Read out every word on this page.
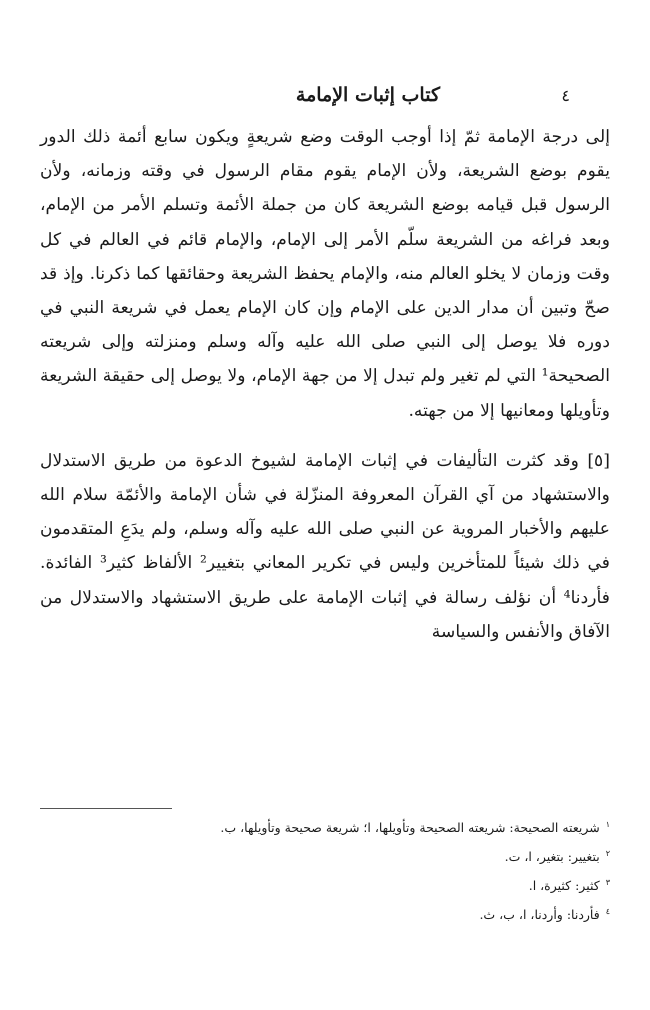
٤
كتاب إثبات الإمامة

إلى درجة الإمامة ثمّ إذا أوجب الوقت وضع شريعةٍ ويكون سابع أئمة ذلك الدور يقوم بوضع الشريعة، ولأن الإمام يقوم مقام الرسول في وقته وزمانه، ولأن الرسول قبل قيامه بوضع الشريعة كان من جملة الأئمة وتسلم الأمر من الإمام، وبعد فراغه من الشريعة سلّم الأمر إلى الإمام، والإمام قائم في العالم في كل وقت وزمان لا يخلو العالم منه، والإمام يحفظ الشريعة وحقائقها كما ذكرنا. وإذ قد صحّ وتبين أن مدار الدين على الإمام وإن كان الإمام يعمل في شريعة النبي في دوره فلا يوصل إلى النبي صلى الله عليه وآله وسلم ومنزلته وإلى شريعته الصحيحة¹ التي لم تغير ولم تبدل إلا من جهة الإمام، ولا يوصل إلى حقيقة الشريعة وتأويلها ومعانيها إلا من جهته.

[٥] وقد كثرت التأليفات في إثبات الإمامة لشيوخ الدعوة من طريق الاستدلال والاستشهاد من آي القرآن المعروفة المنزّلة في شأن الإمامة والأئمّة سلام الله عليهم والأخبار المروية عن النبي صلى الله عليه وآله وسلم، ولم يدَعِ المتقدمون في ذلك شيئاً للمتأخرين وليس في تكرير المعاني بتغيير² الألفاظ كثير³ الفائدة. فأردنا⁴ أن نؤلف رسالة في إثبات الإمامة على طريق الاستشهاد والاستدلال من الآفاق والأنفس والسياسة

$^١$شريعته الصحيحة: شريعته الصحيحة وتأويلها، ا؛ شريعة صحيحة وتأويلها، ب.
$^٢$بتغيير: بتغير، ا، ت.
$^٣$كثير: كثيرة، ا.
$^٤$فأردنا: وأردنا، ا، ب، ث.
